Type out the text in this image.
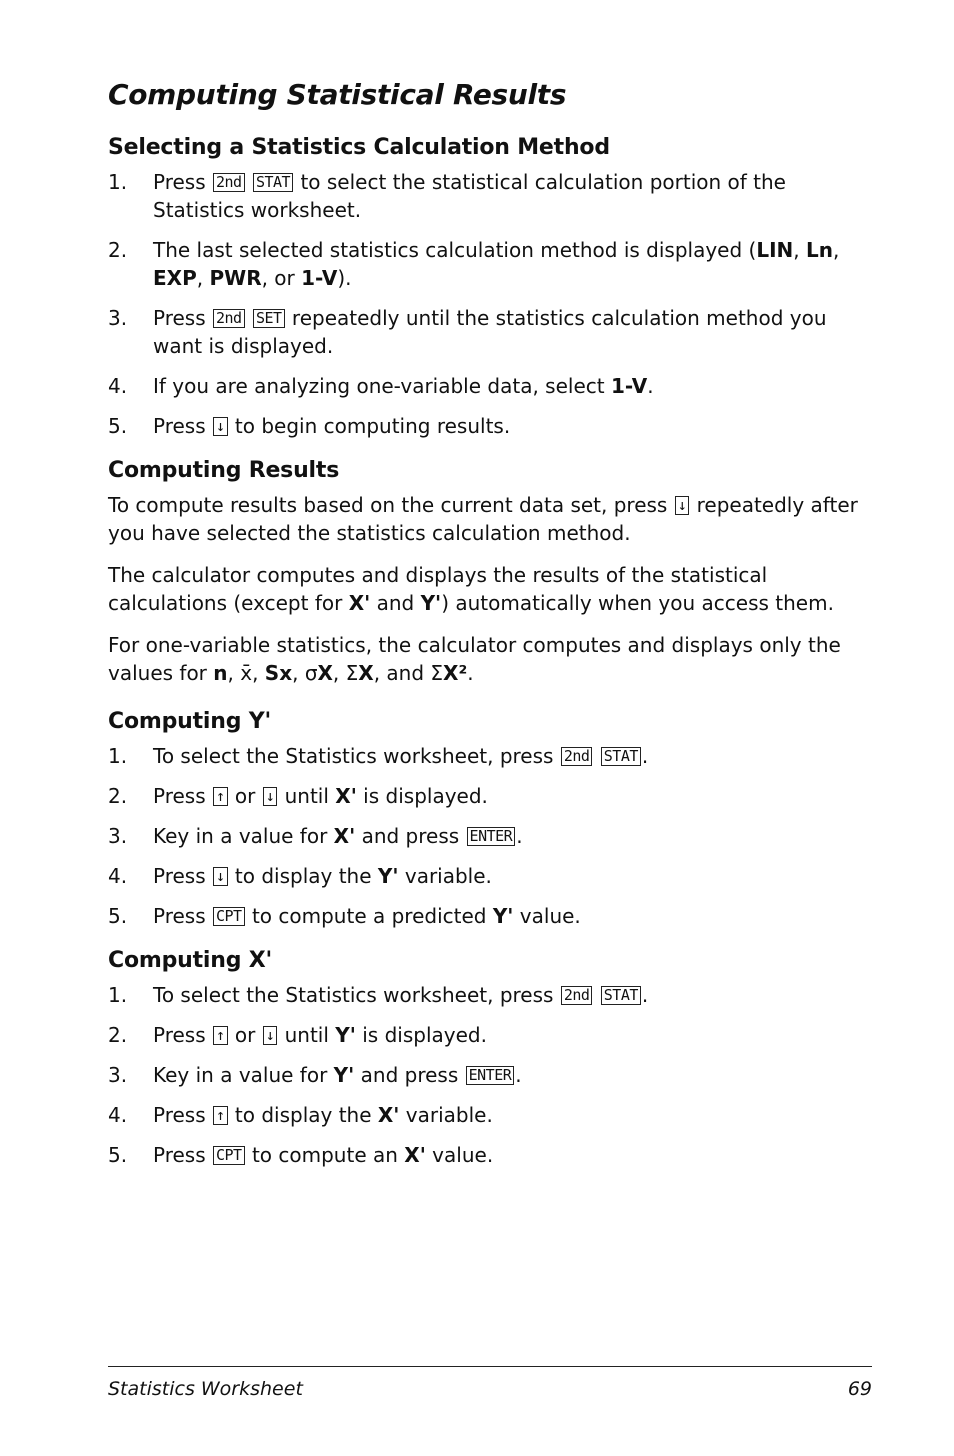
Computing Statistical Results
Selecting a Statistics Calculation Method
1. Press 2nd STAT to select the statistical calculation portion of the Statistics worksheet.
2. The last selected statistics calculation method is displayed (LIN, Ln, EXP, PWR, or 1-V).
3. Press 2nd SET repeatedly until the statistics calculation method you want is displayed.
4. If you are analyzing one-variable data, select 1-V.
5. Press ↓ to begin computing results.
Computing Results

To compute results based on the current data set, press ↓ repeatedly after you have selected the statistics calculation method.

The calculator computes and displays the results of the statistical calculations (except for X' and Y') automatically when you access them.

For one-variable statistics, the calculator computes and displays only the values for n, x̄, Sx, σX, ΣX, and ΣX².

Computing Y'
1. To select the Statistics worksheet, press 2nd STAT .
2. Press ↑ or ↓ until X' is displayed.
3. Key in a value for X' and press ENTER .
4. Press ↓ to display the Y' variable.
5. Press CPT to compute a predicted Y' value.
Computing X'
1. To select the Statistics worksheet, press 2nd STAT .
2. Press ↑ or ↓ until Y' is displayed.
3. Key in a value for Y' and press ENTER .
4. Press ↑ to display the X' variable.
5. Press CPT to compute an X' value.
Statistics Worksheet	69
